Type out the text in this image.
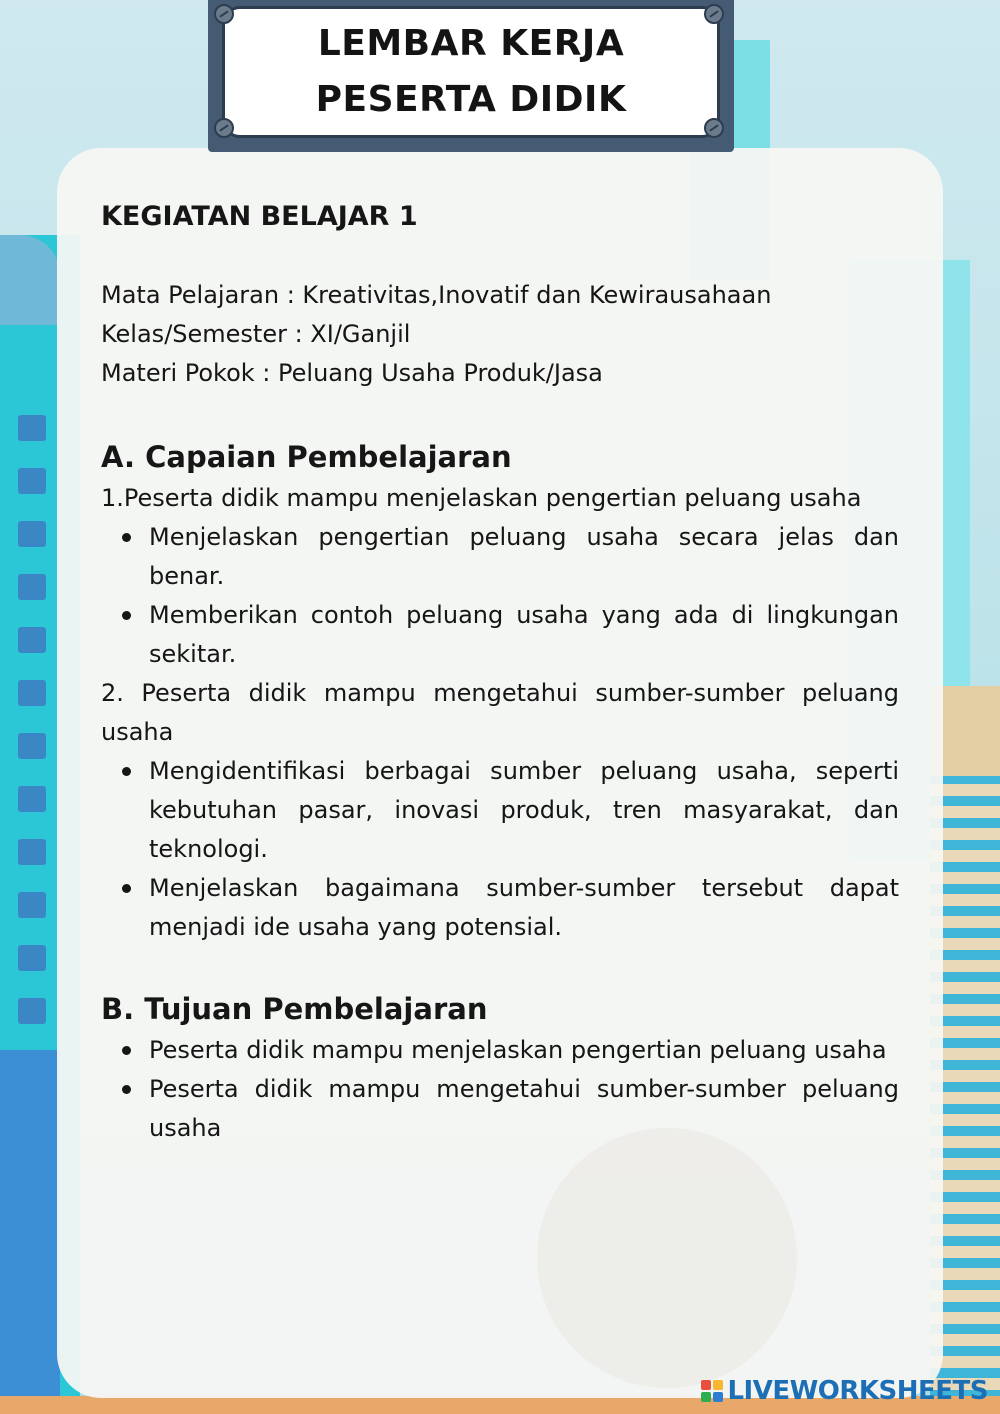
LEMBAR KERJA
PESERTA DIDIK
KEGIATAN BELAJAR 1
Mata Pelajaran : Kreativitas,Inovatif dan Kewirausahaan
Kelas/Semester : XI/Ganjil
Materi Pokok : Peluang Usaha Produk/Jasa
A. Capaian Pembelajaran
1.Peserta didik mampu menjelaskan pengertian peluang usaha
Menjelaskan pengertian peluang usaha secara jelas dan benar.
Memberikan contoh peluang usaha yang ada di lingkungan sekitar.
2. Peserta didik mampu mengetahui sumber-sumber peluang usaha
Mengidentifikasi berbagai sumber peluang usaha, seperti kebutuhan pasar, inovasi produk, tren masyarakat, dan teknologi.
Menjelaskan bagaimana sumber-sumber tersebut dapat menjadi ide usaha yang potensial.
B. Tujuan Pembelajaran
Peserta didik mampu menjelaskan pengertian peluang usaha
Peserta didik mampu mengetahui sumber-sumber peluang usaha
LIVEWORKSHEETS
